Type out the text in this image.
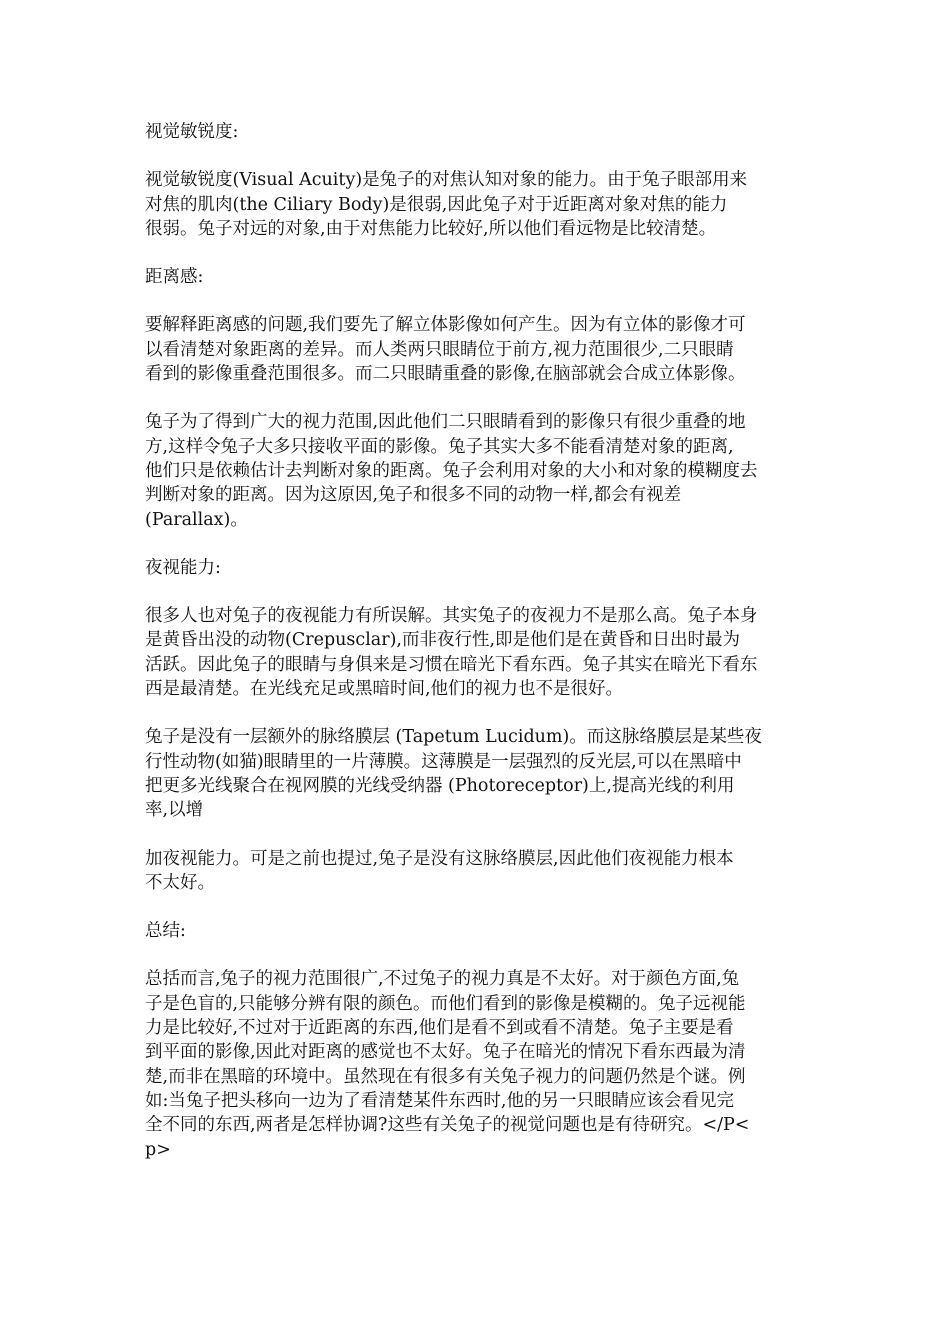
视觉敏锐度:

视觉敏锐度(Visual Acuity)是兔子的对焦认知对象的能力。由于兔子眼部用来
对焦的肌肉(the Ciliary Body)是很弱,因此兔子对于近距离对象对焦的能力
很弱。兔子对远的对象,由于对焦能力比较好,所以他们看远物是比较清楚。

距离感:

要解释距离感的问题,我们要先了解立体影像如何产生。因为有立体的影像才可
以看清楚对象距离的差异。而人类两只眼睛位于前方,视力范围很少,二只眼睛
看到的影像重叠范围很多。而二只眼睛重叠的影像,在脑部就会合成立体影像。

兔子为了得到广大的视力范围,因此他们二只眼睛看到的影像只有很少重叠的地
方,这样令兔子大多只接收平面的影像。兔子其实大多不能看清楚对象的距离,
他们只是依赖估计去判断对象的距离。兔子会利用对象的大小和对象的模糊度去
判断对象的距离。因为这原因,兔子和很多不同的动物一样,都会有视差
(Parallax)。

夜视能力:

很多人也对兔子的夜视能力有所误解。其实兔子的夜视力不是那么高。兔子本身
是黄昏出没的动物(Crepusclar),而非夜行性,即是他们是在黄昏和日出时最为
活跃。因此兔子的眼睛与身俱来是习惯在暗光下看东西。兔子其实在暗光下看东
西是最清楚。在光线充足或黑暗时间,他们的视力也不是很好。

兔子是没有一层额外的脉络膜层 (Tapetum Lucidum)。而这脉络膜层是某些夜
行性动物(如猫)眼睛里的一片薄膜。这薄膜是一层强烈的反光层,可以在黑暗中
把更多光线聚合在视网膜的光线受纳器 (Photoreceptor)上,提高光线的利用
率,以增

加夜视能力。可是之前也提过,兔子是没有这脉络膜层,因此他们夜视能力根本
不太好。

总结:

总括而言,兔子的视力范围很广,不过兔子的视力真是不太好。对于颜色方面,兔
子是色盲的,只能够分辨有限的颜色。而他们看到的影像是模糊的。兔子远视能
力是比较好,不过对于近距离的东西,他们是看不到或看不清楚。兔子主要是看
到平面的影像,因此对距离的感觉也不太好。兔子在暗光的情况下看东西最为清
楚,而非在黑暗的环境中。虽然现在有很多有关兔子视力的问题仍然是个谜。例
如:当兔子把头移向一边为了看清楚某件东西时,他的另一只眼睛应该会看见完
全不同的东西,两者是怎样协调?这些有关兔子的视觉问题也是有待研究。</P<
p>
